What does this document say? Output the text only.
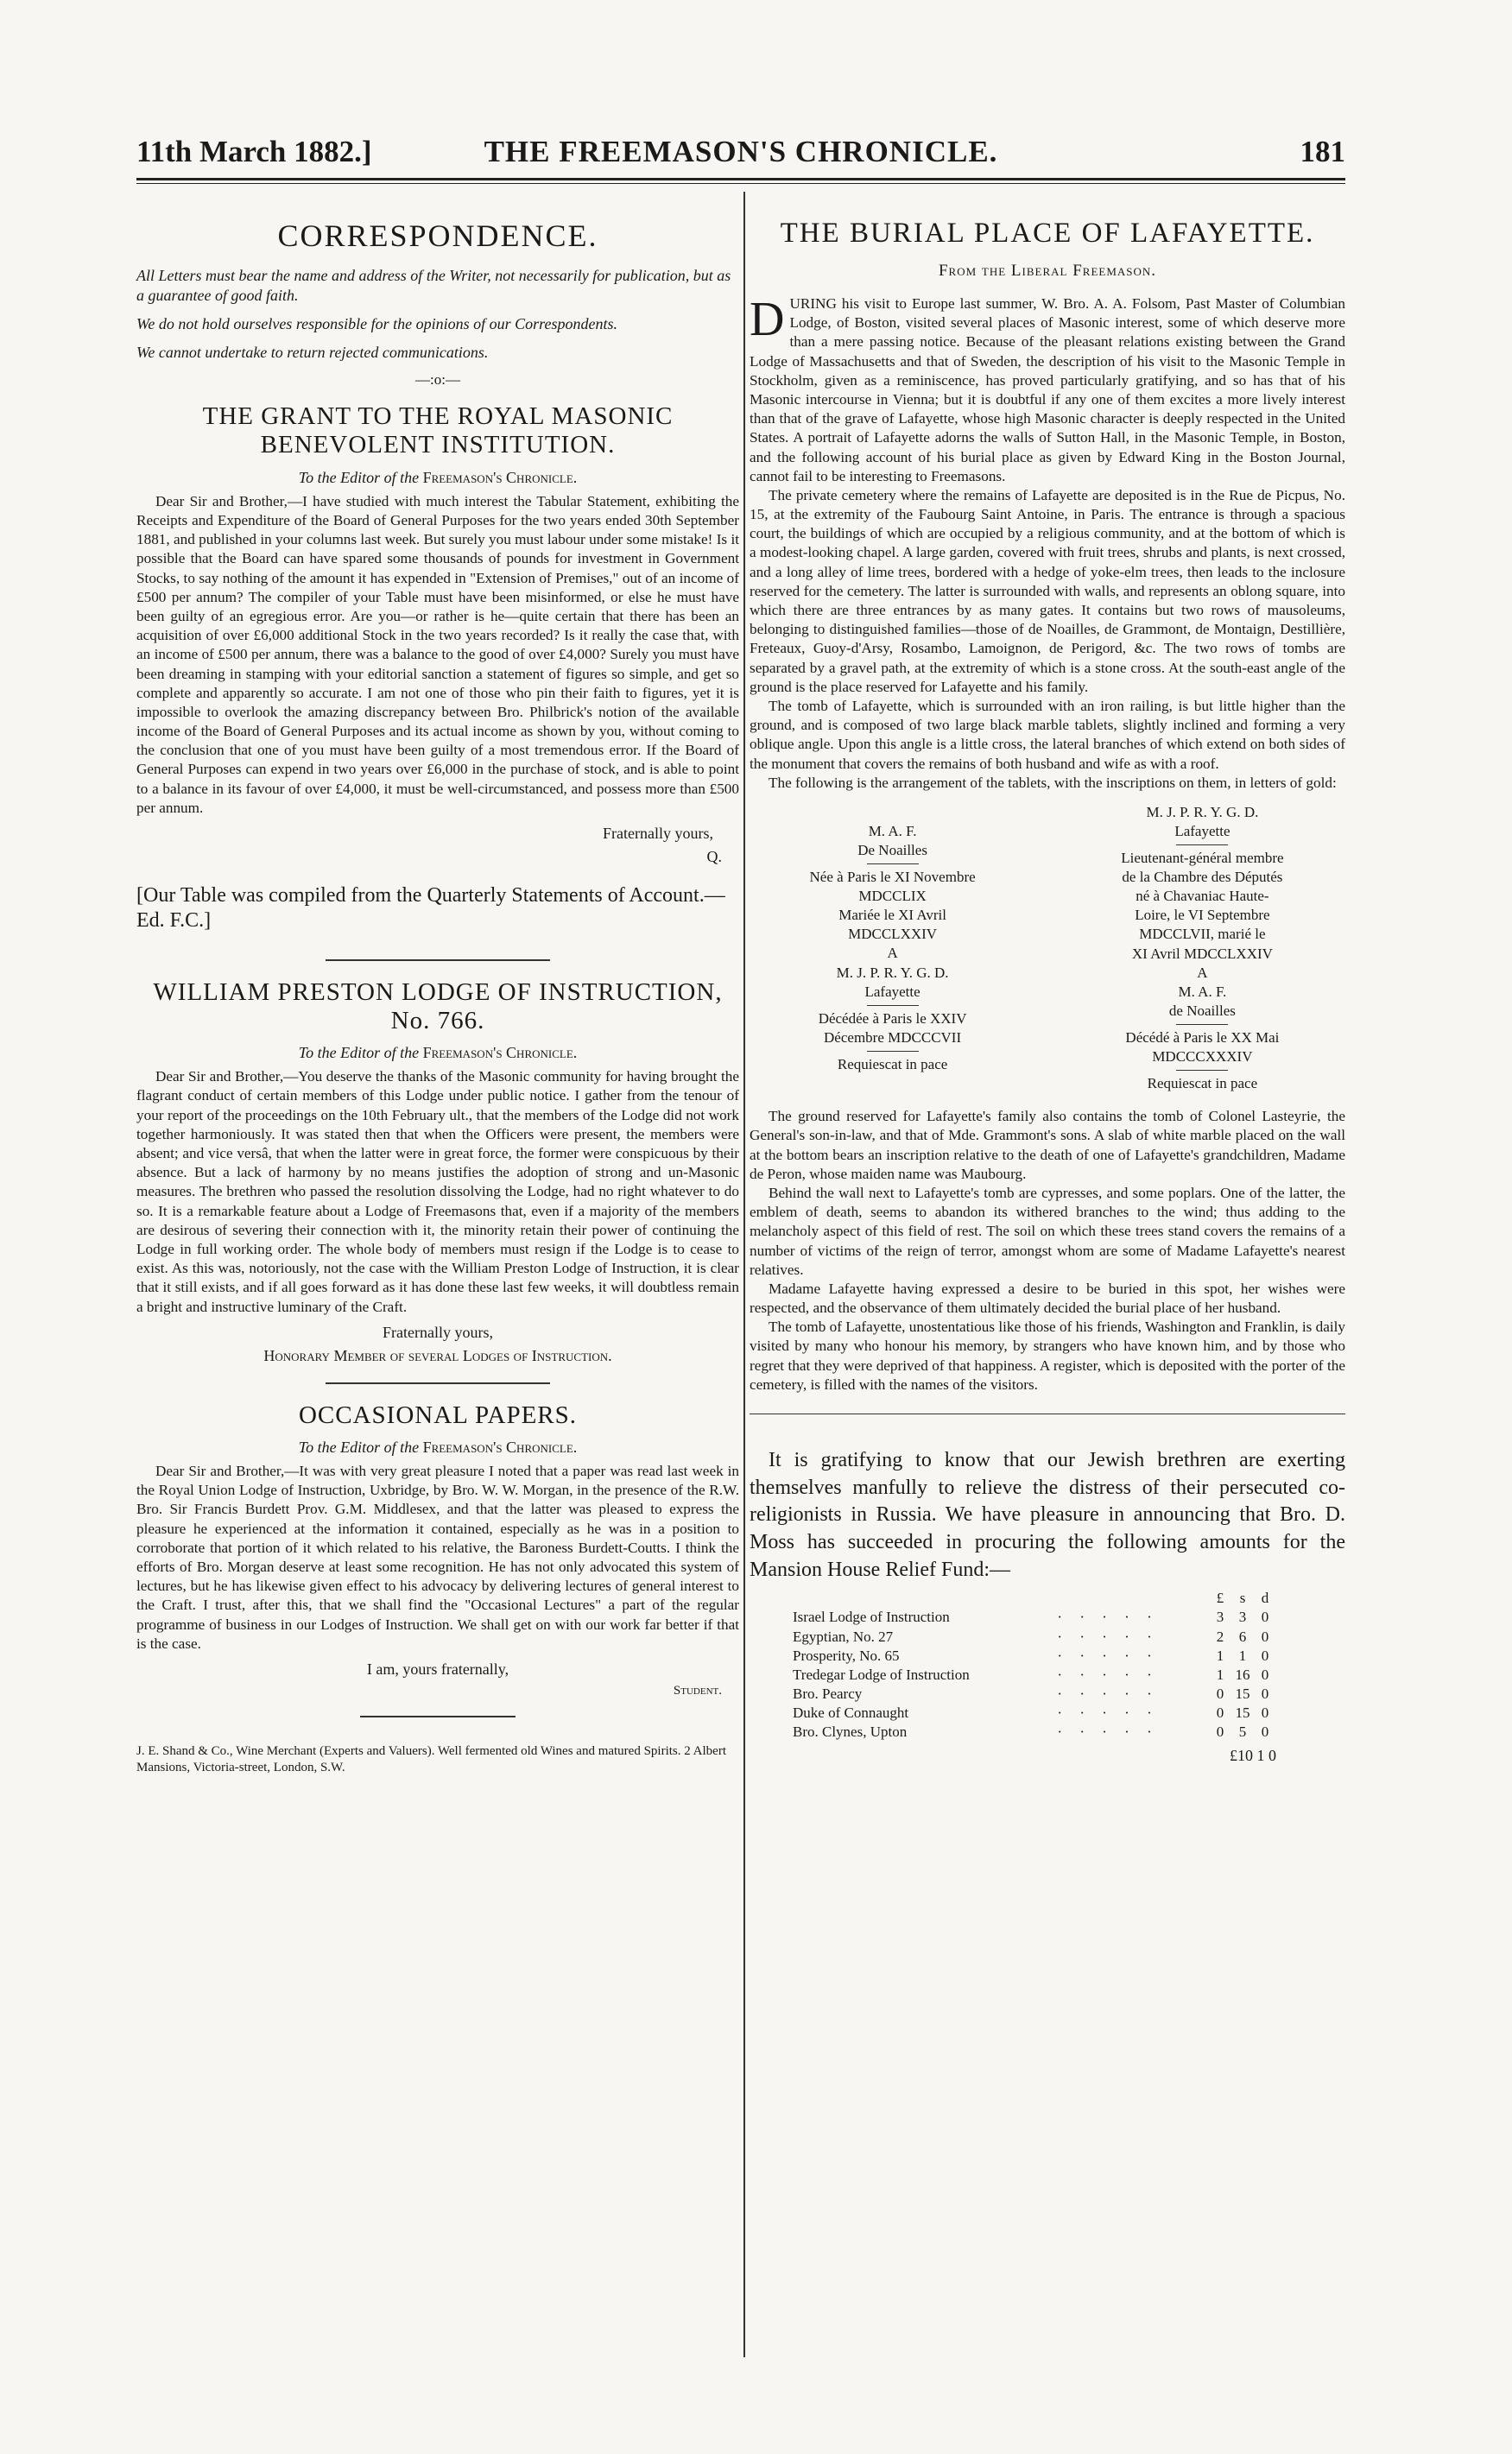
11th March 1882.]	THE FREEMASON'S CHRONICLE.	181
CORRESPONDENCE.

All Letters must bear the name and address of the Writer, not necessarily for publication, but as a guarantee of good faith.

We do not hold ourselves responsible for the opinions of our Correspondents.

We cannot undertake to return rejected communications.

—:o:—
THE GRANT TO THE ROYAL MASONIC BENEVOLENT INSTITUTION.
To the Editor of the Freemason's Chronicle.

Dear Sir and Brother,—I have studied with much interest the Tabular Statement, exhibiting the Receipts and Expenditure of the Board of General Purposes for the two years ended 30th September 1881, and published in your columns last week. But surely you must labour under some mistake! Is it possible that the Board can have spared some thousands of pounds for investment in Government Stocks, to say nothing of the amount it has expended in "Extension of Premises," out of an income of £500 per annum? The compiler of your Table must have been misinformed, or else he must have been guilty of an egregious error. Are you—or rather is he—quite certain that there has been an acquisition of over £6,000 additional Stock in the two years recorded? Is it really the case that, with an income of £500 per annum, there was a balance to the good of over £4,000? Surely you must have been dreaming in stamping with your editorial sanction a statement of figures so simple, and get so complete and apparently so accurate. I am not one of those who pin their faith to figures, yet it is impossible to overlook the amazing discrepancy between Bro. Philbrick's notion of the available income of the Board of General Purposes and its actual income as shown by you, without coming to the conclusion that one of you must have been guilty of a most tremendous error. If the Board of General Purposes can expend in two years over £6,000 in the purchase of stock, and is able to point to a balance in its favour of over £4,000, it must be well-circumstanced, and possess more than £500 per annum.

Fraternally yours,
Q.
[Our Table was compiled from the Quarterly Statements of Account.—Ed. F.C.]
WILLIAM PRESTON LODGE OF INSTRUCTION, No. 766.
To the Editor of the Freemason's Chronicle.

Dear Sir and Brother,—You deserve the thanks of the Masonic community for having brought the flagrant conduct of certain members of this Lodge under public notice. I gather from the tenour of your report of the proceedings on the 10th February ult., that the members of the Lodge did not work together harmoniously. It was stated then that when the Officers were present, the members were absent; and vice versâ, that when the latter were in great force, the former were conspicuous by their absence. But a lack of harmony by no means justifies the adoption of strong and un-Masonic measures. The brethren who passed the resolution dissolving the Lodge, had no right whatever to do so. It is a remarkable feature about a Lodge of Freemasons that, even if a majority of the members are desirous of severing their connection with it, the minority retain their power of continuing the Lodge in full working order. The whole body of members must resign if the Lodge is to cease to exist. As this was, notoriously, not the case with the William Preston Lodge of Instruction, it is clear that it still exists, and if all goes forward as it has done these last few weeks, it will doubtless remain a bright and instructive luminary of the Craft.

Fraternally yours,
Honorary Member of several Lodges of Instruction.
OCCASIONAL PAPERS.
To the Editor of the Freemason's Chronicle.

Dear Sir and Brother,—It was with very great pleasure I noted that a paper was read last week in the Royal Union Lodge of Instruction, Uxbridge, by Bro. W. W. Morgan, in the presence of the R.W. Bro. Sir Francis Burdett Prov. G.M. Middlesex, and that the latter was pleased to express the pleasure he experienced at the information it contained, especially as he was in a position to corroborate that portion of it which related to his relative, the Baroness Burdett-Coutts. I think the efforts of Bro. Morgan deserve at least some recognition. He has not only advocated this system of lectures, but he has likewise given effect to his advocacy by delivering lectures of general interest to the Craft. I trust, after this, that we shall find the "Occasional Lectures" a part of the regular programme of business in our Lodges of Instruction. We shall get on with our work far better if that is the case.

I am, yours fraternally,
Student.
J. E. Shand & Co., Wine Merchant (Experts and Valuers). Well fermented old Wines and matured Spirits. 2 Albert Mansions, Victoria-street, London, S.W.
THE BURIAL PLACE OF LAFAYETTE.
From the Liberal Freemason.

DURING his visit to Europe last summer, W. Bro. A. A. Folsom, Past Master of Columbian Lodge, of Boston, visited several places of Masonic interest, some of which deserve more than a mere passing notice. Because of the pleasant relations existing between the Grand Lodge of Massachusetts and that of Sweden, the description of his visit to the Masonic Temple in Stockholm, given as a reminiscence, has proved particularly gratifying, and so has that of his Masonic intercourse in Vienna; but it is doubtful if any one of them excites a more lively interest than that of the grave of Lafayette, whose high Masonic character is deeply respected in the United States. A portrait of Lafayette adorns the walls of Sutton Hall, in the Masonic Temple, in Boston, and the following account of his burial place as given by Edward King in the Boston Journal, cannot fail to be interesting to Freemasons.

The private cemetery where the remains of Lafayette are deposited is in the Rue de Picpus, No. 15, at the extremity of the Faubourg Saint Antoine, in Paris. The entrance is through a spacious court, the buildings of which are occupied by a religious community, and at the bottom of which is a modest-looking chapel. A large garden, covered with fruit trees, shrubs and plants, is next crossed, and a long alley of lime trees, bordered with a hedge of yoke-elm trees, then leads to the inclosure reserved for the cemetery. The latter is surrounded with walls, and represents an oblong square, into which there are three entrances by as many gates. It contains but two rows of mausoleums, belonging to distinguished families—those of de Noailles, de Grammont, de Montaign, Destillière, Freteaux, Guoy-d'Arsy, Rosambo, Lamoignon, de Perigord, &c. The two rows of tombs are separated by a gravel path, at the extremity of which is a stone cross. At the south-east angle of the ground is the place reserved for Lafayette and his family.

The tomb of Lafayette, which is surrounded with an iron railing, is but little higher than the ground, and is composed of two large black marble tablets, slightly inclined and forming a very oblique angle. Upon this angle is a little cross, the lateral branches of which extend on both sides of the monument that covers the remains of both husband and wife as with a roof.

The following is the arrangement of the tablets, with the inscriptions on them, in letters of gold:

M. A. F.
De Noailles
Née à Paris le XI Novembre
MDCCLIX
Mariée le XI Avril
MDCCLXXIV
A
M. J. P. R. Y. G. D.
Lafayette
Décédée à Paris le XXIV
Décembre MDCCCVII
Requiescat in pace
M. J. P. R. Y. G. D.
Lafayette
Lieutenant-général membre
de la Chambre des Députés
né à Chavaniac Haute-
Loire, le VI Septembre
MDCCLVII, marié le
XI Avril MDCCLXXIV
A
M. A. F.
de Noailles
Décédé à Paris le XX Mai
MDCCCXXXIV
Requiescat in pace

The ground reserved for Lafayette's family also contains the tomb of Colonel Lasteyrie, the General's son-in-law, and that of Mde. Grammont's sons. A slab of white marble placed on the wall at the bottom bears an inscription relative to the death of one of Lafayette's grandchildren, Madame de Peron, whose maiden name was Maubourg.

Behind the wall next to Lafayette's tomb are cypresses, and some poplars. One of the latter, the emblem of death, seems to abandon its withered branches to the wind; thus adding to the melancholy aspect of this field of rest. The soil on which these trees stand covers the remains of a number of victims of the reign of terror, amongst whom are some of Madame Lafayette's nearest relatives.

Madame Lafayette having expressed a desire to be buried in this spot, her wishes were respected, and the observance of them ultimately decided the burial place of her husband.

The tomb of Lafayette, unostentatious like those of his friends, Washington and Franklin, is daily visited by many who honour his memory, by strangers who have known him, and by those who regret that they were deprived of that happiness. A register, which is deposited with the porter of the cemetery, is filled with the names of the visitors.

It is gratifying to know that our Jewish brethren are exerting themselves manfully to relieve the distress of their persecuted co-religionists in Russia. We have pleasure in announcing that Bro. D. Moss has succeeded in procuring the following amounts for the Mansion House Relief Fund:—

		£	s	d
Israel Lodge of Instruction	· · · · ·	3	3	0
Egyptian, No. 27	· · · · ·	2	6	0
Prosperity, No. 65	· · · · ·	1	1	0
Tredegar Lodge of Instruction	· · · · ·	1	16	0
Bro. Pearcy	· · · · ·	0	15	0
Duke of Connaught	· · · · ·	0	15	0
Bro. Clynes, Upton	· · · · ·	0	5	0
£10 1 0
